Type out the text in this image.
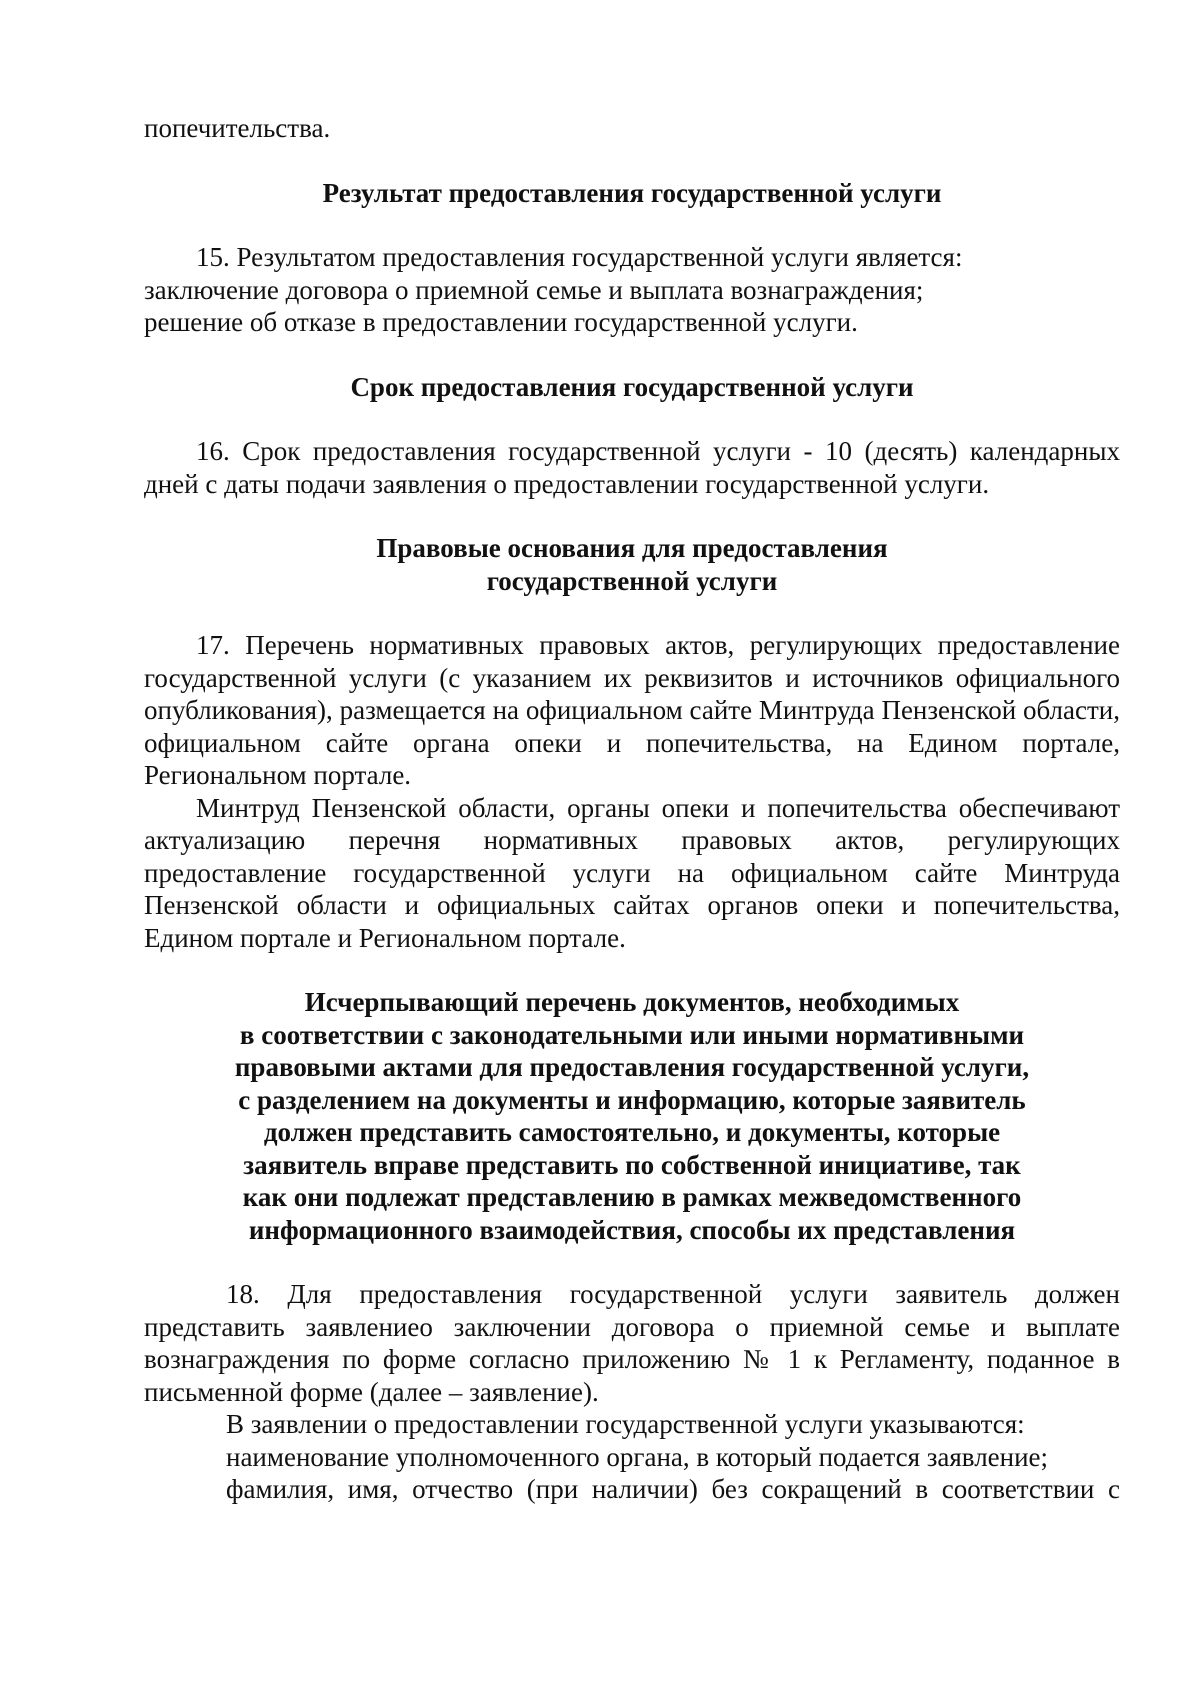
попечительства.

Результат предоставления государственной услуги

15. Результатом предоставления государственной услуги является:

заключение договора о приемной семье и выплата вознаграждения;

решение об отказе в предоставлении государственной услуги.

Срок предоставления государственной услуги

16. Срок предоставления государственной услуги - 10 (десять) календарных дней с даты подачи заявления о предоставлении государственной услуги.

Правовые основания для предоставления
государственной услуги

17. Перечень нормативных правовых актов, регулирующих предоставление государственной услуги (с указанием их реквизитов и источников официального опубликования), размещается на официальном сайте Минтруда Пензенской области, официальном сайте органа опеки и попечительства, на Едином портале, Региональном портале.

Минтруд Пензенской области, органы опеки и попечительства обеспечивают актуализацию перечня нормативных правовых актов, регулирующих предоставление государственной услуги на официальном сайте Минтруда Пензенской области и официальных сайтах органов опеки и попечительства, Едином портале и Региональном портале.

Исчерпывающий перечень документов, необходимых
в соответствии с законодательными или иными нормативными
правовыми актами для предоставления государственной услуги,
с разделением на документы и информацию, которые заявитель
должен представить самостоятельно, и документы, которые
заявитель вправе представить по собственной инициативе, так
как они подлежат представлению в рамках межведомственного
информационного взаимодействия, способы их представления

18. Для предоставления государственной услуги заявитель должен представить заявлениео заключении договора о приемной семье и выплате вознаграждения по форме согласно приложению № 1 к Регламенту, поданное в письменной форме (далее – заявление).

В заявлении о предоставлении государственной услуги указываются:

наименование уполномоченного органа, в который подается заявление;

фамилия, имя, отчество (при наличии) без сокращений в соответствии с
